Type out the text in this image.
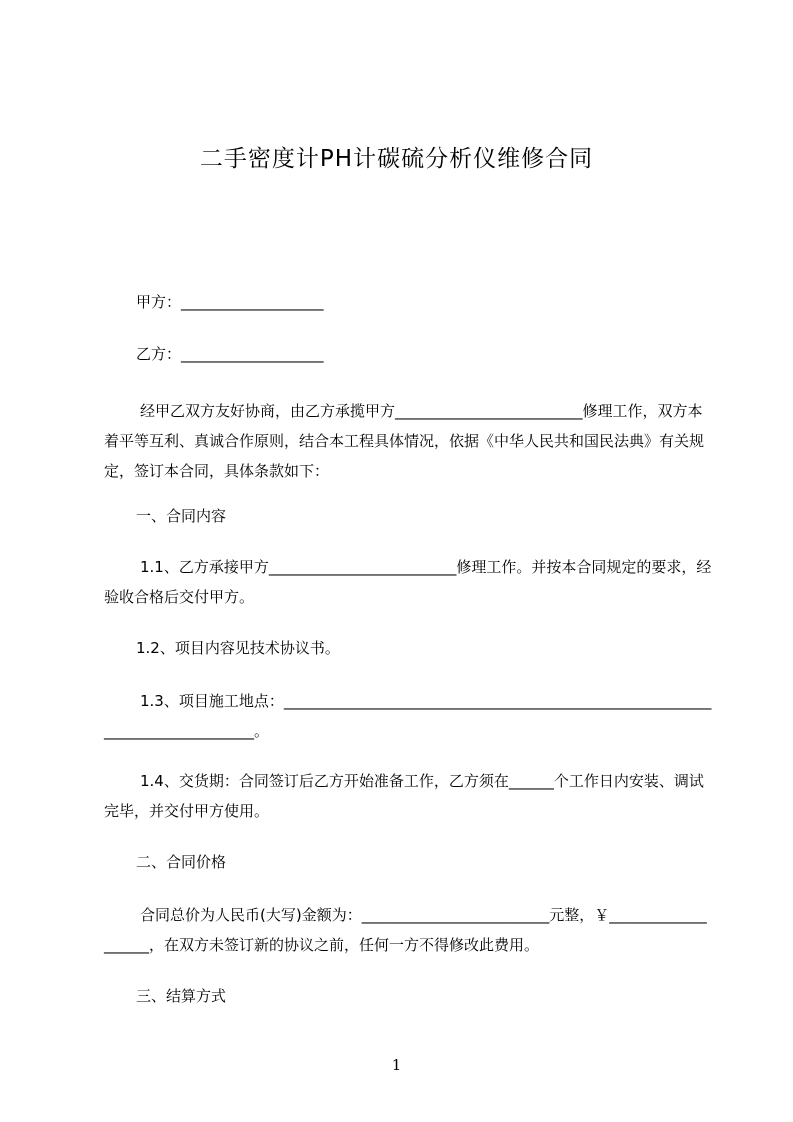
二手密度计PH计碳硫分析仪维修合同
甲方：___________________
乙方：___________________
经甲乙双方友好协商，由乙方承揽甲方_________________________修理工作，双方本着平等互利、真诚合作原则，结合本工程具体情况，依据《中华人民共和国民法典》有关规定，签订本合同，具体条款如下：
一、合同内容
1.1、乙方承接甲方_________________________修理工作。并按本合同规定的要求，经验收合格后交付甲方。
1.2、项目内容见技术协议书。
1.3、项目施工地点：_____________________________________________________________________________。
1.4、交货期：合同签订后乙方开始准备工作，乙方须在______个工作日内安装、调试完毕，并交付甲方使用。
二、合同价格
合同总价为人民币(大写)金额为：_________________________元整，￥___________________，在双方未签订新的协议之前，任何一方不得修改此费用。
三、结算方式
1
